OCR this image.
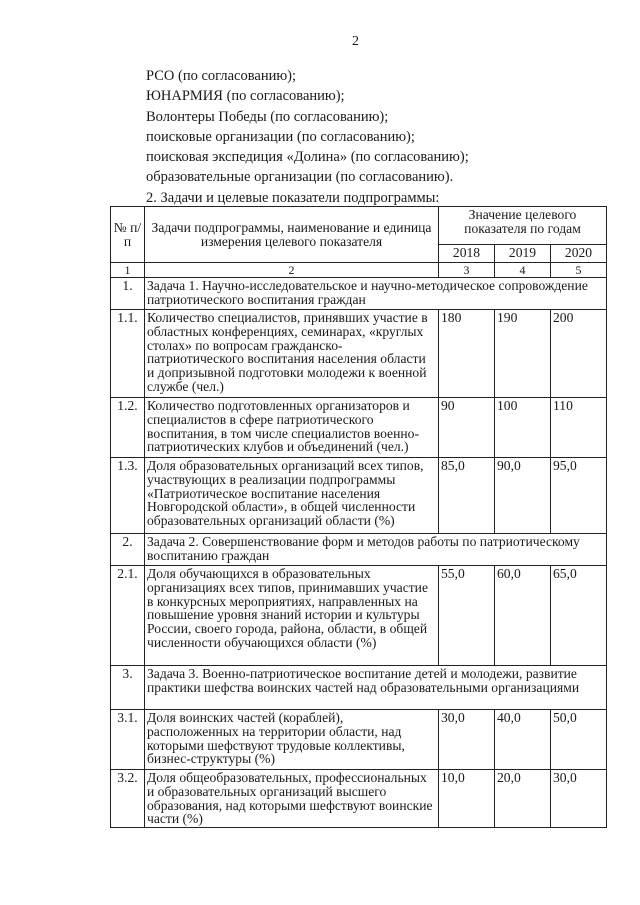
2
РСО (по согласованию);
ЮНАРМИЯ (по согласованию);
Волонтеры Победы (по согласованию);
поисковые организации (по согласованию);
поисковая экспедиция «Долина» (по согласованию);
образовательные организации (по согласованию).
2. Задачи и целевые показатели подпрограммы:
№ п/п	Задачи подпрограммы, наименование и единица измерения целевого показателя	Значение целевого показателя по годам		
		2018	2019	2020
1	2	3	4	5
1.	Задача 1. Научно-исследовательское и научно-методическое сопровождение патриотического воспитания граждан			
1.1.	Количество специалистов, принявших участие в областных конференциях, семинарах, «круглых столах» по вопросам гражданско-патриотического воспитания населения области и допризывной подготовки молодежи к военной службе (чел.)	180	190	200
1.2.	Количество подготовленных организаторов и специалистов в сфере патриотического воспитания, в том числе специалистов военно-патриотических клубов и объединений (чел.)	90	100	110
1.3.	Доля образовательных организаций всех типов, участвующих в реализации подпрограммы «Патриотическое воспитание населения Новгородской области», в общей численности образовательных организаций области (%)	85,0	90,0	95,0
2.	Задача 2. Совершенствование форм и методов работы по патриотическому воспитанию граждан			
2.1.	Доля обучающихся в образовательных организациях всех типов, принимавших участие в конкурсных мероприятиях, направленных на повышение уровня знаний истории и культуры России, своего города, района, области, в общей численности обучающихся области (%)	55,0	60,0	65,0
3.	Задача 3. Военно-патриотическое воспитание детей и молодежи, развитие практики шефства воинских частей над образовательными организациями			
3.1.	Доля воинских частей (кораблей), расположенных на территории области, над которыми шефствуют трудовые коллективы, бизнес-структуры (%)	30,0	40,0	50,0
3.2.	Доля общеобразовательных, профессиональных и образовательных организаций высшего образования, над которыми шефствуют воинские части (%)	10,0	20,0	30,0
